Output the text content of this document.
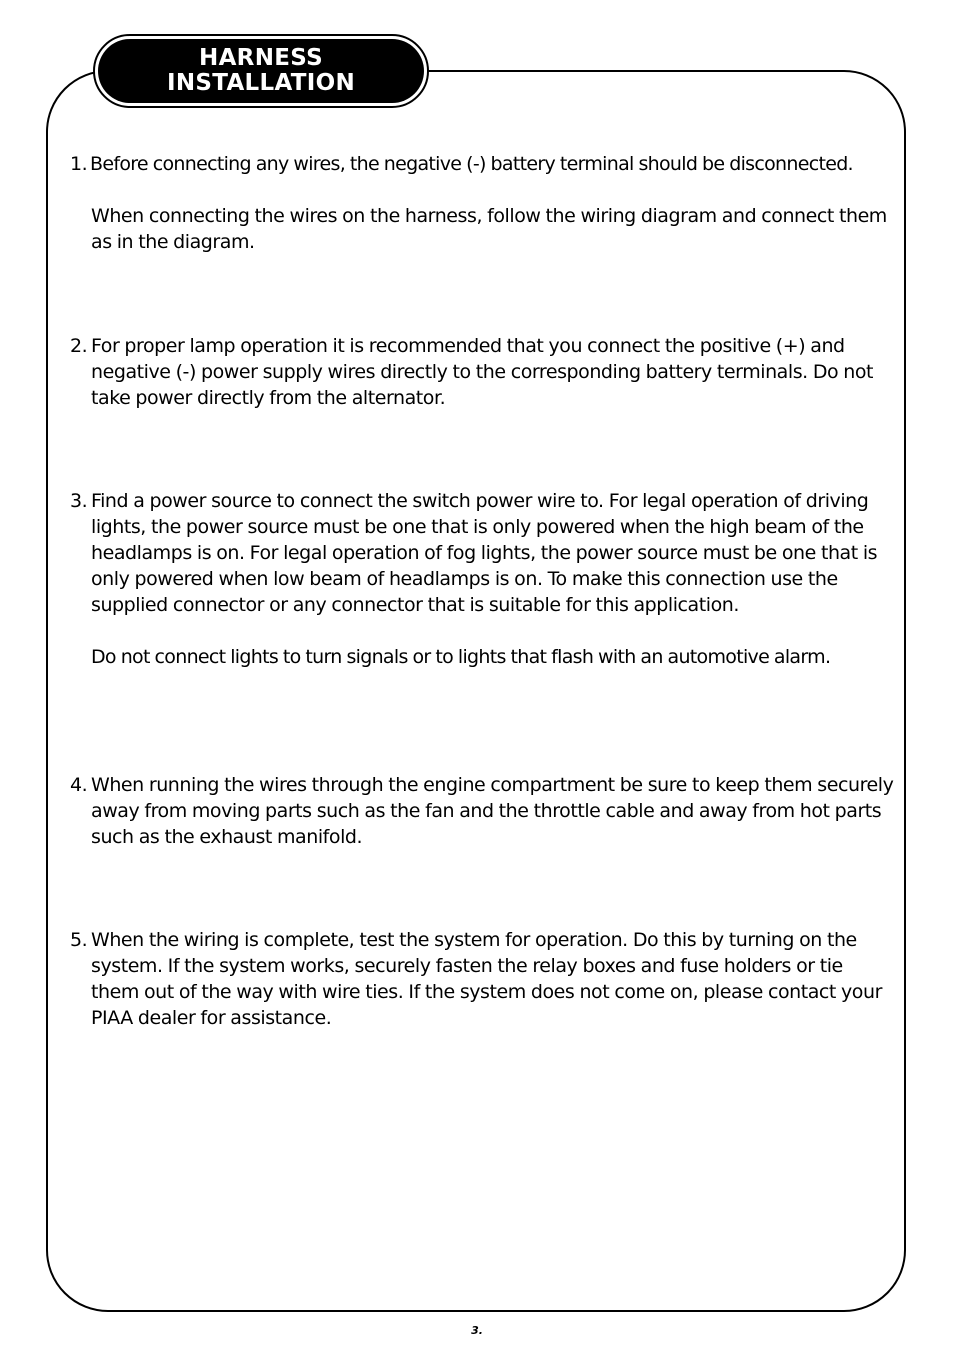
HARNESS
INSTALLATION
1. Before connecting any wires, the negative (-) battery terminal should be disconnected.

When connecting the wires on the harness, follow the wiring diagram and connect them as in the diagram.

2. For proper lamp operation it is recommended that you connect the positive (+) and negative (-) power supply wires directly to the corresponding battery terminals. Do not take power directly from the alternator.

3. Find a power source to connect the switch power wire to. For legal operation of driving lights, the power source must be one that is only powered when the high beam of the headlamps is on. For legal operation of fog lights, the power source must be one that is only powered when low beam of headlamps is on. To make this connection use the supplied connector or any connector that is suitable for this application.

Do not connect lights to turn signals or to lights that flash with an automotive alarm.

4. When running the wires through the engine compartment be sure to keep them securely away from moving parts such as the fan and the throttle cable and away from hot parts such as the exhaust manifold.

5. When the wiring is complete, test the system for operation. Do this by turning on the system. If the system works, securely fasten the relay boxes and fuse holders or tie them out of the way with wire ties. If the system does not come on, please contact your PIAA dealer for assistance.

3.
